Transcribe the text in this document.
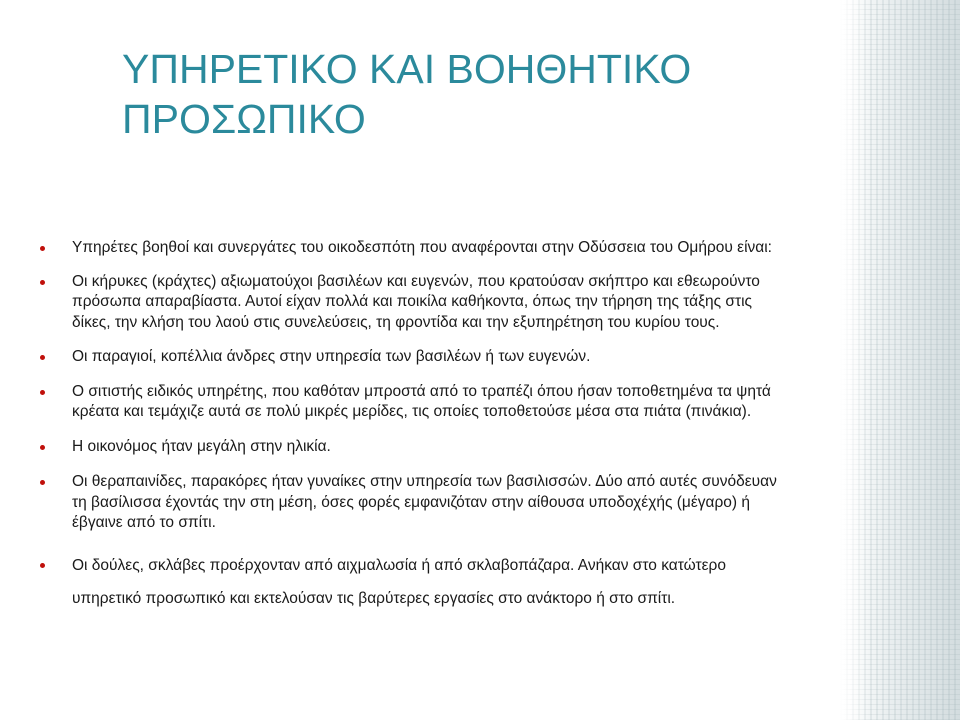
ΥΠΗΡΕΤΙΚΟ ΚΑΙ ΒΟΗΘΗΤΙΚΟ ΠΡΟΣΩΠΙΚΟ
Υπηρέτες βοηθοί και συνεργάτες του οικοδεσπότη που αναφέρονται στην Οδύσσεια του Ομήρου είναι:
Οι κήρυκες (κράχτες) αξιωματούχοι βασιλέων και ευγενών, που κρατούσαν σκήπτρο και εθεωρούντο πρόσωπα απαραβίαστα. Αυτοί είχαν πολλά και ποικίλα καθήκοντα, όπως την τήρηση της τάξης στις δίκες, την κλήση του λαού στις συνελεύσεις, τη φροντίδα και την εξυπηρέτηση του κυρίου τους.
Οι παραγιοί, κοπέλλια άνδρες στην υπηρεσία των βασιλέων ή των ευγενών.
Ο σιτιστής ειδικός υπηρέτης, που καθόταν μπροστά από το τραπέζι όπου ήσαν τοποθετημένα τα ψητά κρέατα και τεμάχιζε αυτά σε πολύ μικρές μερίδες, τις οποίες τοποθετούσε μέσα στα πιάτα (πινάκια).
Η οικονόμος ήταν μεγάλη στην ηλικία.
Οι θεραπαινίδες, παρακόρες ήταν γυναίκες στην υπηρεσία των βασιλισσών. Δύο από αυτές συνόδευαν τη βασίλισσα έχοντάς την στη μέση, όσες φορές εμφανιζόταν στην αίθουσα υποδοχέχής (μέγαρο) ή έβγαινε από το σπίτι.
Οι δούλες, σκλάβες προέρχονταν από αιχμαλωσία ή από σκλαβοπάζαρα. Ανήκαν στο κατώτερο υπηρετικό προσωπικό και εκτελούσαν τις βαρύτερες εργασίες στο ανάκτορο ή στο σπίτι.
